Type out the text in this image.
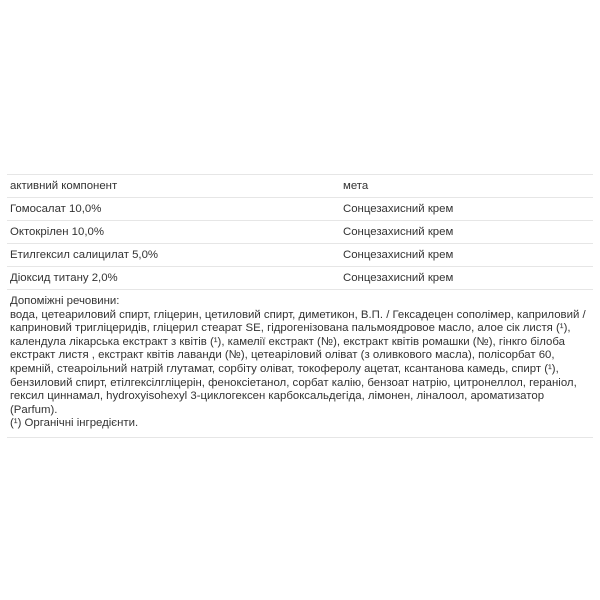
активний компонент	мета
Гомосалат 10,0%	Сонцезахисний крем
Октокрілен 10,0%	Сонцезахисний крем
Етилгексил салицилат 5,0%	Сонцезахисний крем
Діоксид титану 2,0%	Сонцезахисний крем

Допоміжні речовини:

вода, цетеариловий спирт, гліцерин, цетиловий спирт, диметикон, В.П. / Гексадецен сополімер, каприловий /

каприновий тригліцеридів, гліцерил стеарат SE, гідрогенізована пальмоядровое масло, алое сік листя (¹),

календула лікарська екстракт з квітів (¹), камелії екстракт (№), екстракт квітів ромашки (№), гінкго білоба

екстракт листя , екстракт квітів лаванди (№), цетеаріловий оліват (з оливкового масла), полісорбат 60,

кремній, стеароільний натрій глутамат, сорбіту оліват, токоферолу ацетат, ксантанова камедь, спирт (¹),

бензиловий спирт, етілгексілгліцерін, феноксіетанол, сорбат калію, бензоат натрію, цитронеллол, геранiол,

гексил циннамал, hydroxyisohexyl 3-циклогексен карбоксальдегіда, лімонен, ліналоол, ароматизатор (Parfum).

(¹) Органічні інгредієнти.
